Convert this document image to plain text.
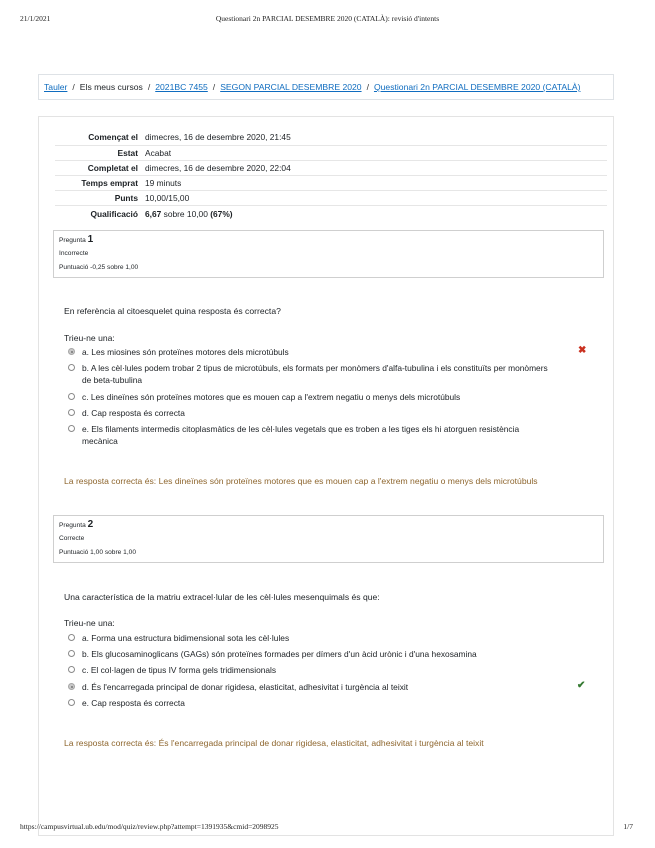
21/1/2021	Questionari 2n PARCIAL DESEMBRE 2020 (CATALÀ): revisió d'intents
Tauler / Els meus cursos / 2021BC 7455 / SEGON PARCIAL DESEMBRE 2020 / Questionari 2n PARCIAL DESEMBRE 2020 (CATALÀ)
Començat el	dimecres, 16 de desembre 2020, 21:45
Estat	Acabat
Completat el	dimecres, 16 de desembre 2020, 22:04
Temps emprat	19 minuts
Punts	10,00/15,00
Qualificació	6,67 sobre 10,00 (67%)
Pregunta 1
Incorrecte
Puntuació -0,25 sobre 1,00
En referència al citoesquelet quina resposta és correcta?
Trieu-ne una:
a. Les miosines són proteïnes motores dels microtúbuls
b. A les cèl·lules podem trobar 2 tipus de microtúbuls, els formats per monòmers d'alfa-tubulina i els constituïts per monòmers de beta-tubulina
c. Les dineïnes són proteïnes motores que es mouen cap a l'extrem negatiu o menys dels microtúbuls
d. Cap resposta és correcta
e. Els filaments intermedis citoplasmàtics de les cèl·lules vegetals que es troben a les tiges els hi atorguen resistència mecànica
✖
La resposta correcta és: Les dineïnes són proteïnes motores que es mouen cap a l'extrem negatiu o menys dels microtúbuls
Pregunta 2
Correcte
Puntuació 1,00 sobre 1,00
Una característica de la matriu extracel·lular de les cèl·lules mesenquimals és que:
Trieu-ne una:
a. Forma una estructura bidimensional sota les cèl·lules
b. Els glucosaminoglicans (GAGs) són proteïnes formades per dímers d'un àcid urònic i d'una hexosamina
c. El col·lagen de tipus IV forma gels tridimensionals
d. És l'encarregada principal de donar rigidesa, elasticitat, adhesivitat i turgència al teixit
e. Cap resposta és correcta
✔
La resposta correcta és: És l'encarregada principal de donar rigidesa, elasticitat, adhesivitat i turgència al teixit
https://campusvirtual.ub.edu/mod/quiz/review.php?attempt=1391935&cmid=2098925	1/7
